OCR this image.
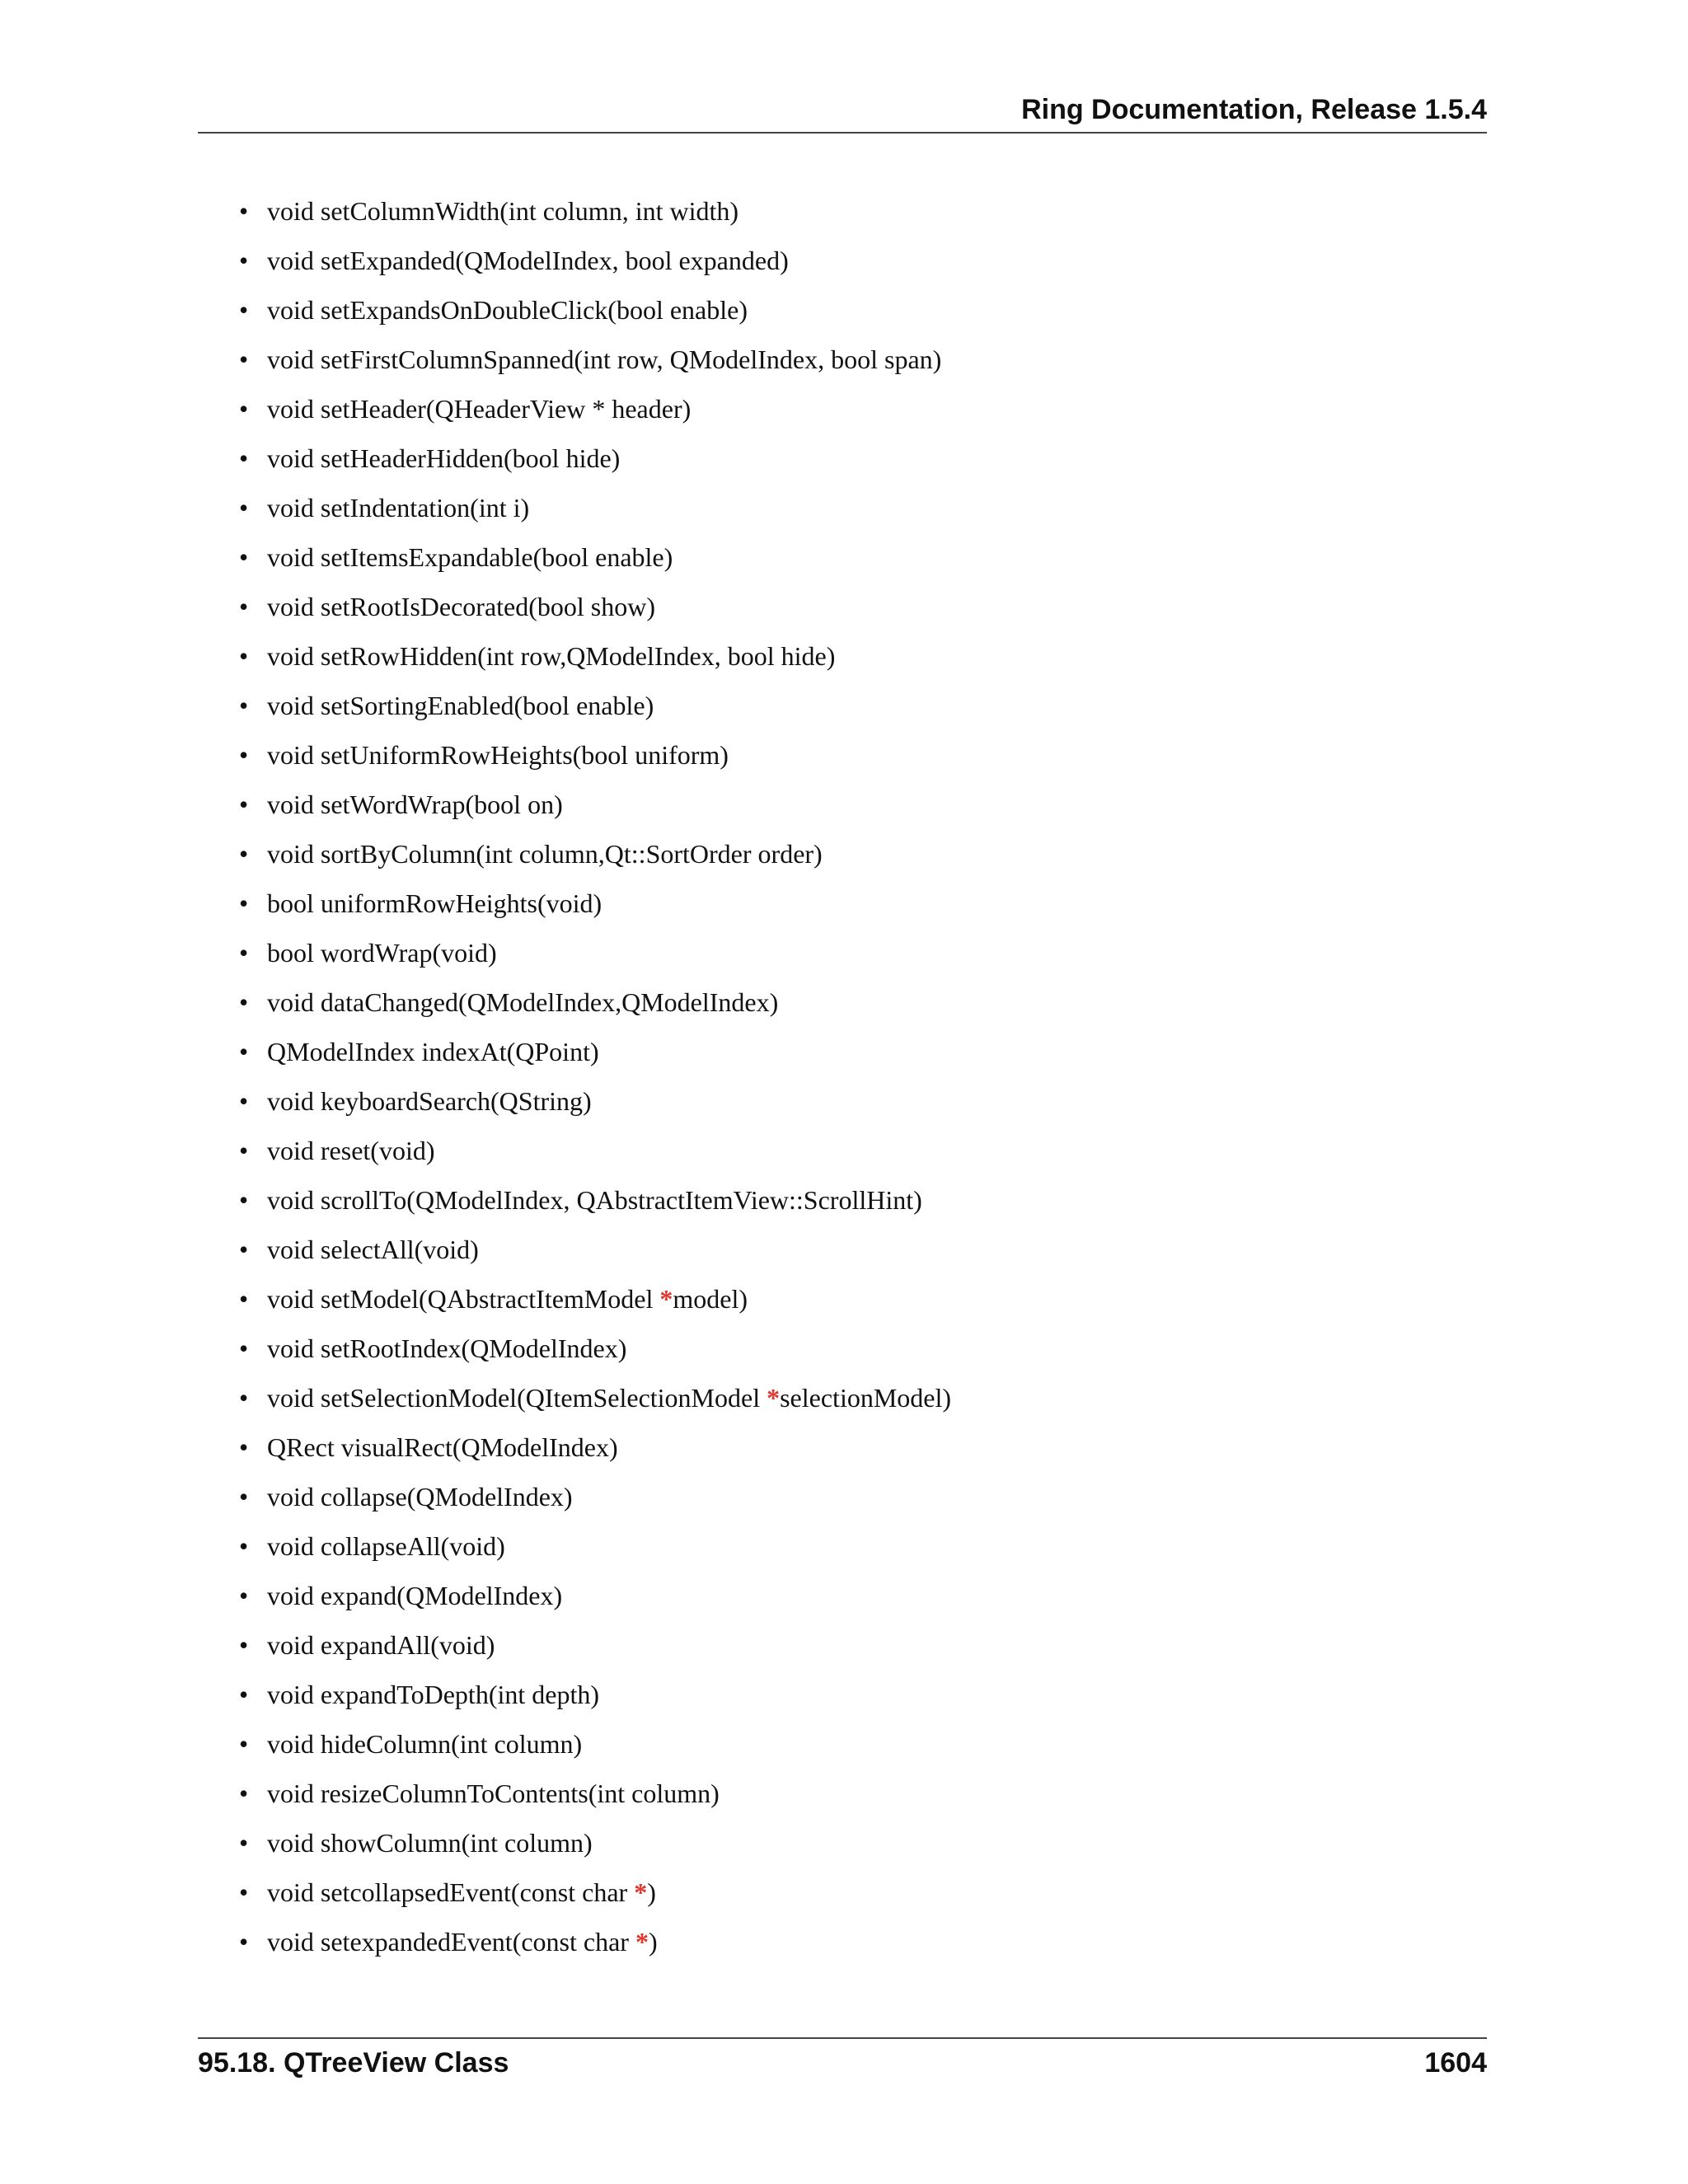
Ring Documentation, Release 1.5.4
• void setColumnWidth(int column, int width)
• void setExpanded(QModelIndex, bool expanded)
• void setExpandsOnDoubleClick(bool enable)
• void setFirstColumnSpanned(int row, QModelIndex, bool span)
• void setHeader(QHeaderView * header)
• void setHeaderHidden(bool hide)
• void setIndentation(int i)
• void setItemsExpandable(bool enable)
• void setRootIsDecorated(bool show)
• void setRowHidden(int row,QModelIndex, bool hide)
• void setSortingEnabled(bool enable)
• void setUniformRowHeights(bool uniform)
• void setWordWrap(bool on)
• void sortByColumn(int column,Qt::SortOrder order)
• bool uniformRowHeights(void)
• bool wordWrap(void)
• void dataChanged(QModelIndex,QModelIndex)
• QModelIndex indexAt(QPoint)
• void keyboardSearch(QString)
• void reset(void)
• void scrollTo(QModelIndex, QAbstractItemView::ScrollHint)
• void selectAll(void)
• void setModel(QAbstractItemModel *model)
• void setRootIndex(QModelIndex)
• void setSelectionModel(QItemSelectionModel *selectionModel)
• QRect visualRect(QModelIndex)
• void collapse(QModelIndex)
• void collapseAll(void)
• void expand(QModelIndex)
• void expandAll(void)
• void expandToDepth(int depth)
• void hideColumn(int column)
• void resizeColumnToContents(int column)
• void showColumn(int column)
• void setcollapsedEvent(const char *)
• void setexpandedEvent(const char *)
95.18. QTreeView Class	1604
